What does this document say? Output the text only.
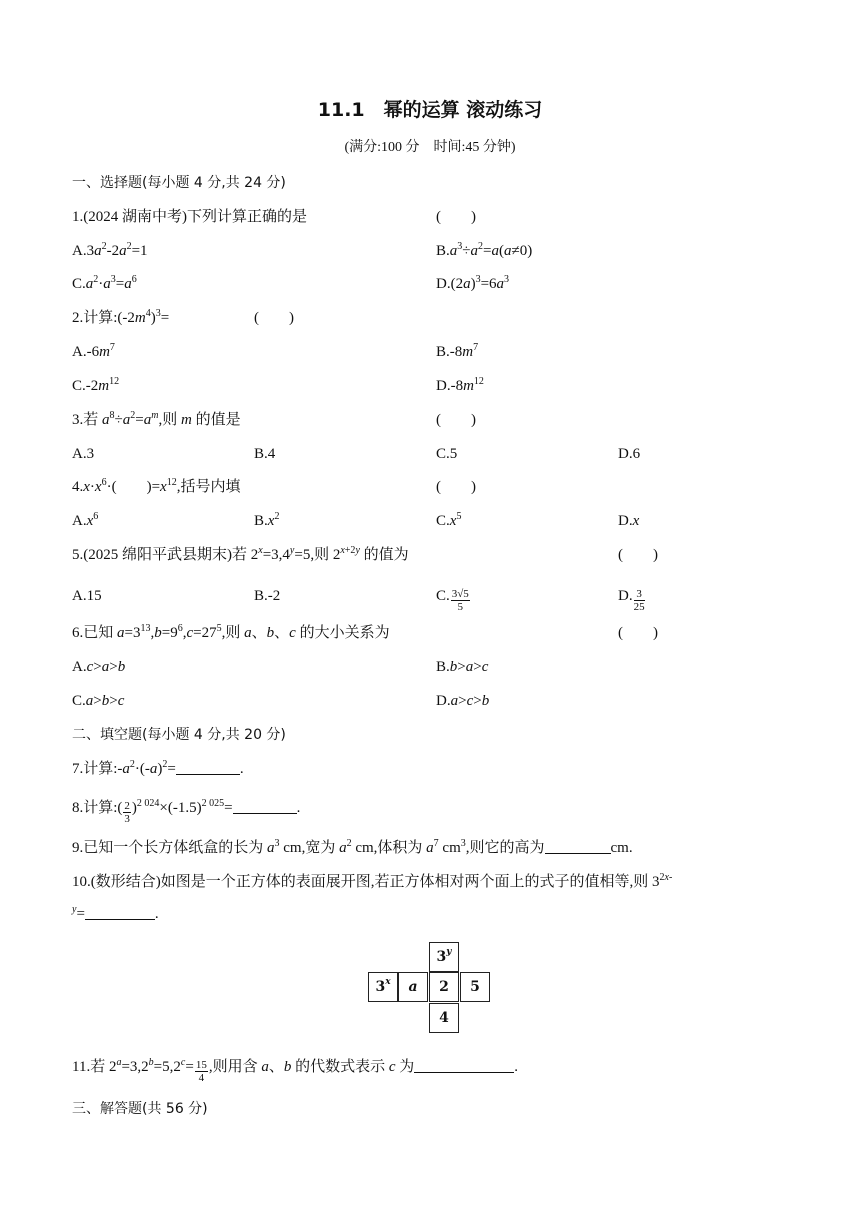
11.1　幂的运算 滚动练习
(满分:100 分　时间:45 分钟)
一、选择题(每小题 4 分,共 24 分)
1.(2024 湖南中考)下列计算正确的是	(　　)
$A.3a^2-2a^2=1$	$B.a^3\div a^2=a(a\ne 0)$
$C.a^2\cdot a^3=a^6$	$D.(2a)^3=6a^3$
2.计算$:(-2m^4)^3=$	(　　)
$A.-6m^7$	$B.-8m^7$
$C.-2m^{12}$	$D.-8m^{12}$
3.若 $a^8\div a^2=a^m$,则 m 的值是	(　　)
A.3	B.4	C.5	D.6
$4.x\cdot x^6\cdot$(　　)$=x^{12}$,括号内填	(　　)
$A.x^6$	$B.x^2$	$C.x^5$	D.x
5.(2025 绵阳平武县期末)若 $2^x=3,4^y=5$,则 $2^{x+2y}$ 的值为	(　　)
A.15	B.-2	C. $\frac{3√5}{5}$	D. $\frac{3}{25}$
6.已知 $a=3^{13},b=9^6,c=27^5$,则 a、b、c 的大小关系为	(　　)
A.c>a>b	B.b>a>c
C.a>b>c	D.a>c>b
二、填空题(每小题 4 分,共 20 分)
7.计算$:-a^2\cdot(-a)^2=$	.
8.计算:( $\frac{2}{3} )^{2 024}\times(-1.5)^{2 025}=$	.
9.已知一个长方体纸盒的长为 $a^3$ cm,宽为 $a^2$ cm,体积为 $a^7$ $cm^3$,则它的高为	cm.
10.(数形结合)如图是一个正方体的表面展开图,若正方体相对两个面上的式子的值相等,则 $3^{2x-}$
$^y$=	.
3$^y$
3$^x$	a	2	5
4
11.若 $2^a=3,2^b=5,2^c= \frac{15}{4}$ ,则用含 a、b 的代数式表示 c 为	.
三、解答题(共 56 分)
